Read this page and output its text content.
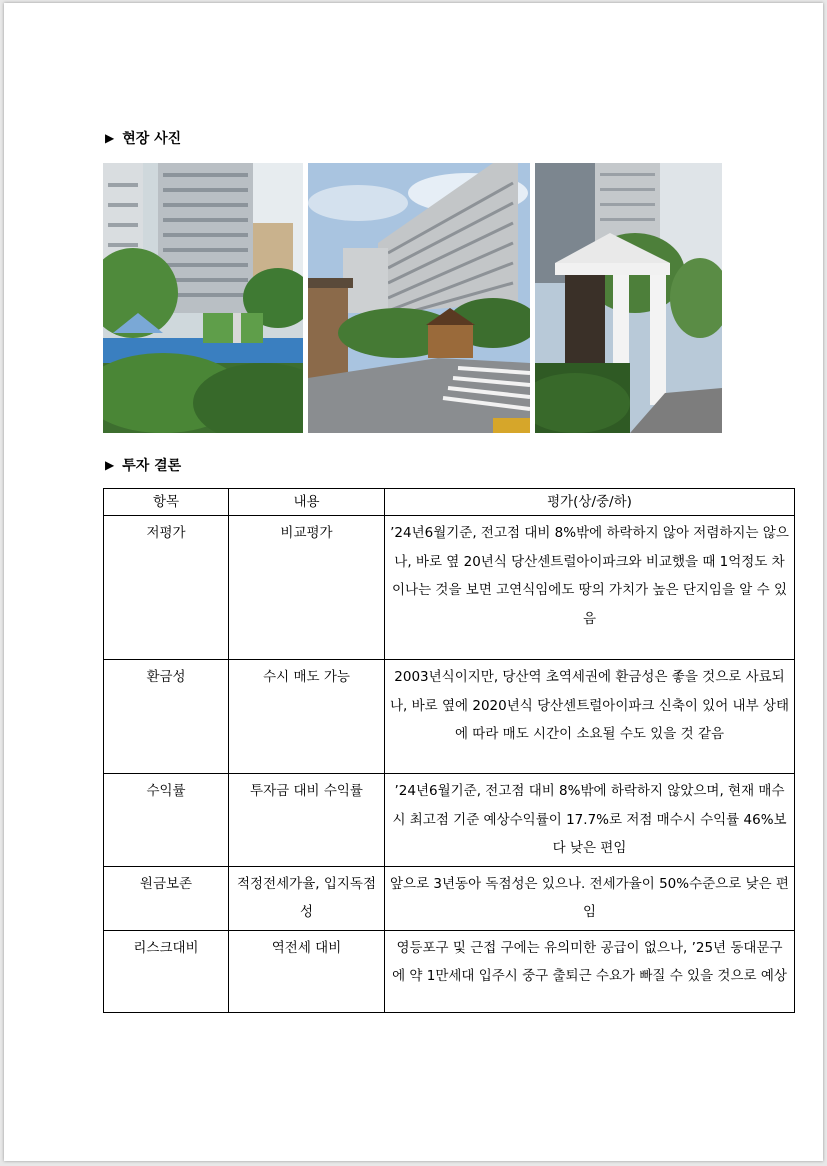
▶ 현장 사진
▶ 투자 결론
항목	내용	평가(상/중/하)
저평가	비교평가	’24년6월기준, 전고점 대비 8%밖에 하락하지 않아 저렴하지는 않으나, 바로 옆 20년식 당산센트럴아이파크와 비교했을 때 1억정도 차이나는 것을 보면 고연식임에도 땅의 가치가 높은 단지임을 알 수 있음
환금성	수시 매도 가능	2003년식이지만, 당산역 초역세권에 환금성은 좋을 것으로 사료되나, 바로 옆에 2020년식 당산센트럴아이파크 신축이 있어 내부 상태에 따라 매도 시간이 소요될 수도 있을 것 같음
수익률	투자금 대비 수익률	’24년6월기준, 전고점 대비 8%밖에 하락하지 않았으며, 현재 매수 시 최고점 기준 예상수익률이 17.7%로 저점 매수시 수익률 46%보다 낮은 편임
원금보존	적정전세가율, 입지독점성	앞으로 3년동아 독점성은 있으나. 전세가율이 50%수준으로 낮은 편임
리스크대비	역전세 대비	영등포구 및 근접 구에는 유의미한 공급이 없으나, ’25년 동대문구에 약 1만세대 입주시 중구 출퇴근 수요가 빠질 수 있을 것으로 예상
